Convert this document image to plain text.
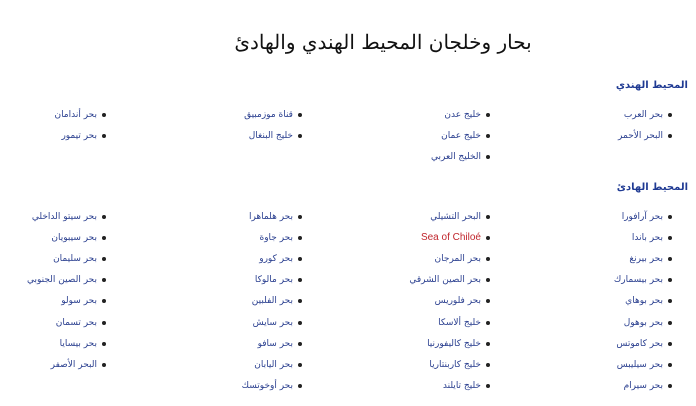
بحار وخلجان المحيط الهندي والهادئ
المحيط الهندي
بحر العرب
البحر الأحمر
خليج عدن
خليج عمان
الخليج العربي
قناة موزمبيق
خليج البنغال
بحر أندامان
بحر تيمور
المحيط الهادئ
بحر آرافورا
بحر باندا
بحر بيرنغ
بحر بيسمارك
بحر بوهاي
بحر بوهول
بحر كاموتس
بحر سيليبس
بحر سيرام
البحر التشيلي
Sea of Chiloé
بحر المرجان
بحر الصين الشرقي
بحر فلوريس
خليج ألاسكا
خليج كاليفورنيا
خليج كاربنتاريا
خليج تايلند
بحر هلماهرا
بحر جاوة
بحر كورو
بحر مالوكا
بحر الفلبين
بحر سايش
بحر سافو
بحر اليابان
بحر أوخوتسك
بحر سيتو الداخلي
بحر سيبويان
بحر سليمان
بحر الصين الجنوبي
بحر سولو
بحر تسمان
بحر بيسايا
البحر الأصفر
